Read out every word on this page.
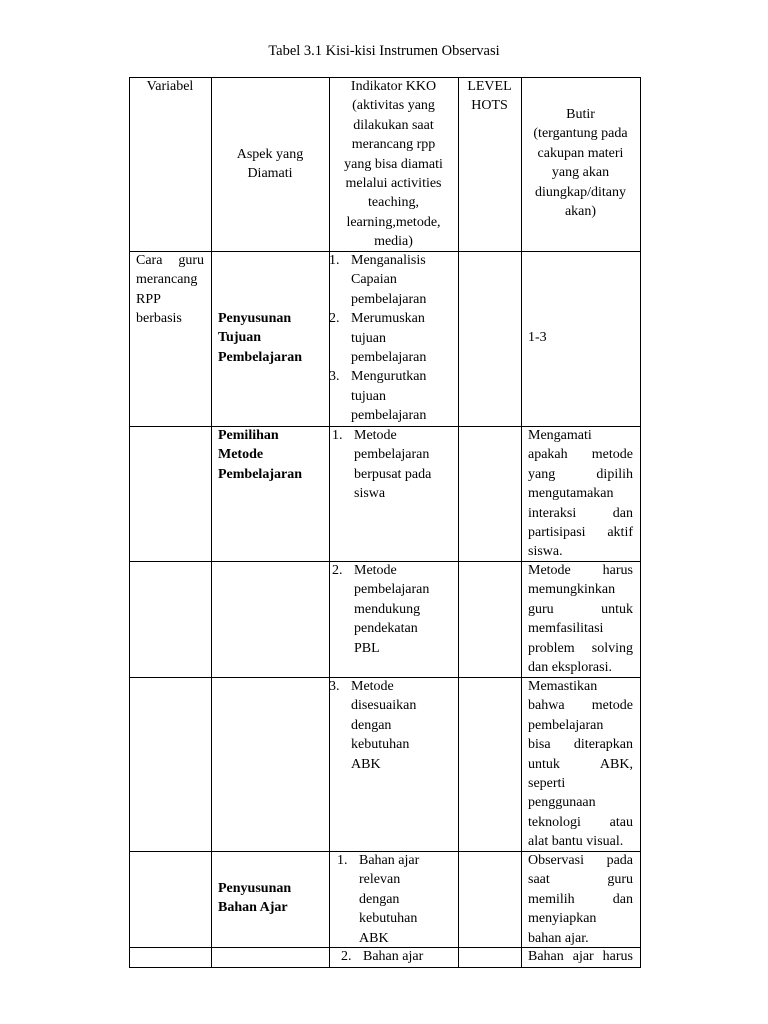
Tabel 3.1 Kisi-kisi Instrumen Observasi
Variabel
Aspek yang
Diamati
Indikator KKO
(aktivitas yang
dilakukan saat
merancang rpp
yang bisa diamati
melalui activities
teaching,
learning,metode,
media)
LEVEL
HOTS
Butir
(tergantung pada
cakupan materi
yang akan
diungkap/ditany
akan)
Cara guru
merancang
RPP
berbasis	Penyusunan
Tujuan
Pembelajaran
1. Menganalisis
Capaian
pembelajaran
2. Merumuskan
tujuan
pembelajaran
3. Mengurutkan
tujuan
pembelajaran
1-3
Pemilihan
Metode
Pembelajaran
1. Metode
pembelajaran
berpusat pada
siswa
Mengamati
apakah metode
yang dipilih
mengutamakan
interaksi dan
partisipasi aktif
siswa.
2. Metode
pembelajaran
mendukung
pendekatan
PBL
Metode harus
memungkinkan
guru untuk
memfasilitasi
problem solving
dan eksplorasi.
3. Metode
disesuaikan
dengan
kebutuhan
ABK
Memastikan
bahwa metode
pembelajaran
bisa diterapkan
untuk ABK,
seperti
penggunaan
teknologi atau
alat bantu visual.
Penyusunan
Bahan Ajar
1. Bahan ajar
relevan
dengan
kebutuhan
ABK
Observasi pada
saat guru
memilih dan
menyiapkan
bahan ajar.
2. Bahan ajar	Bahan ajar harus
